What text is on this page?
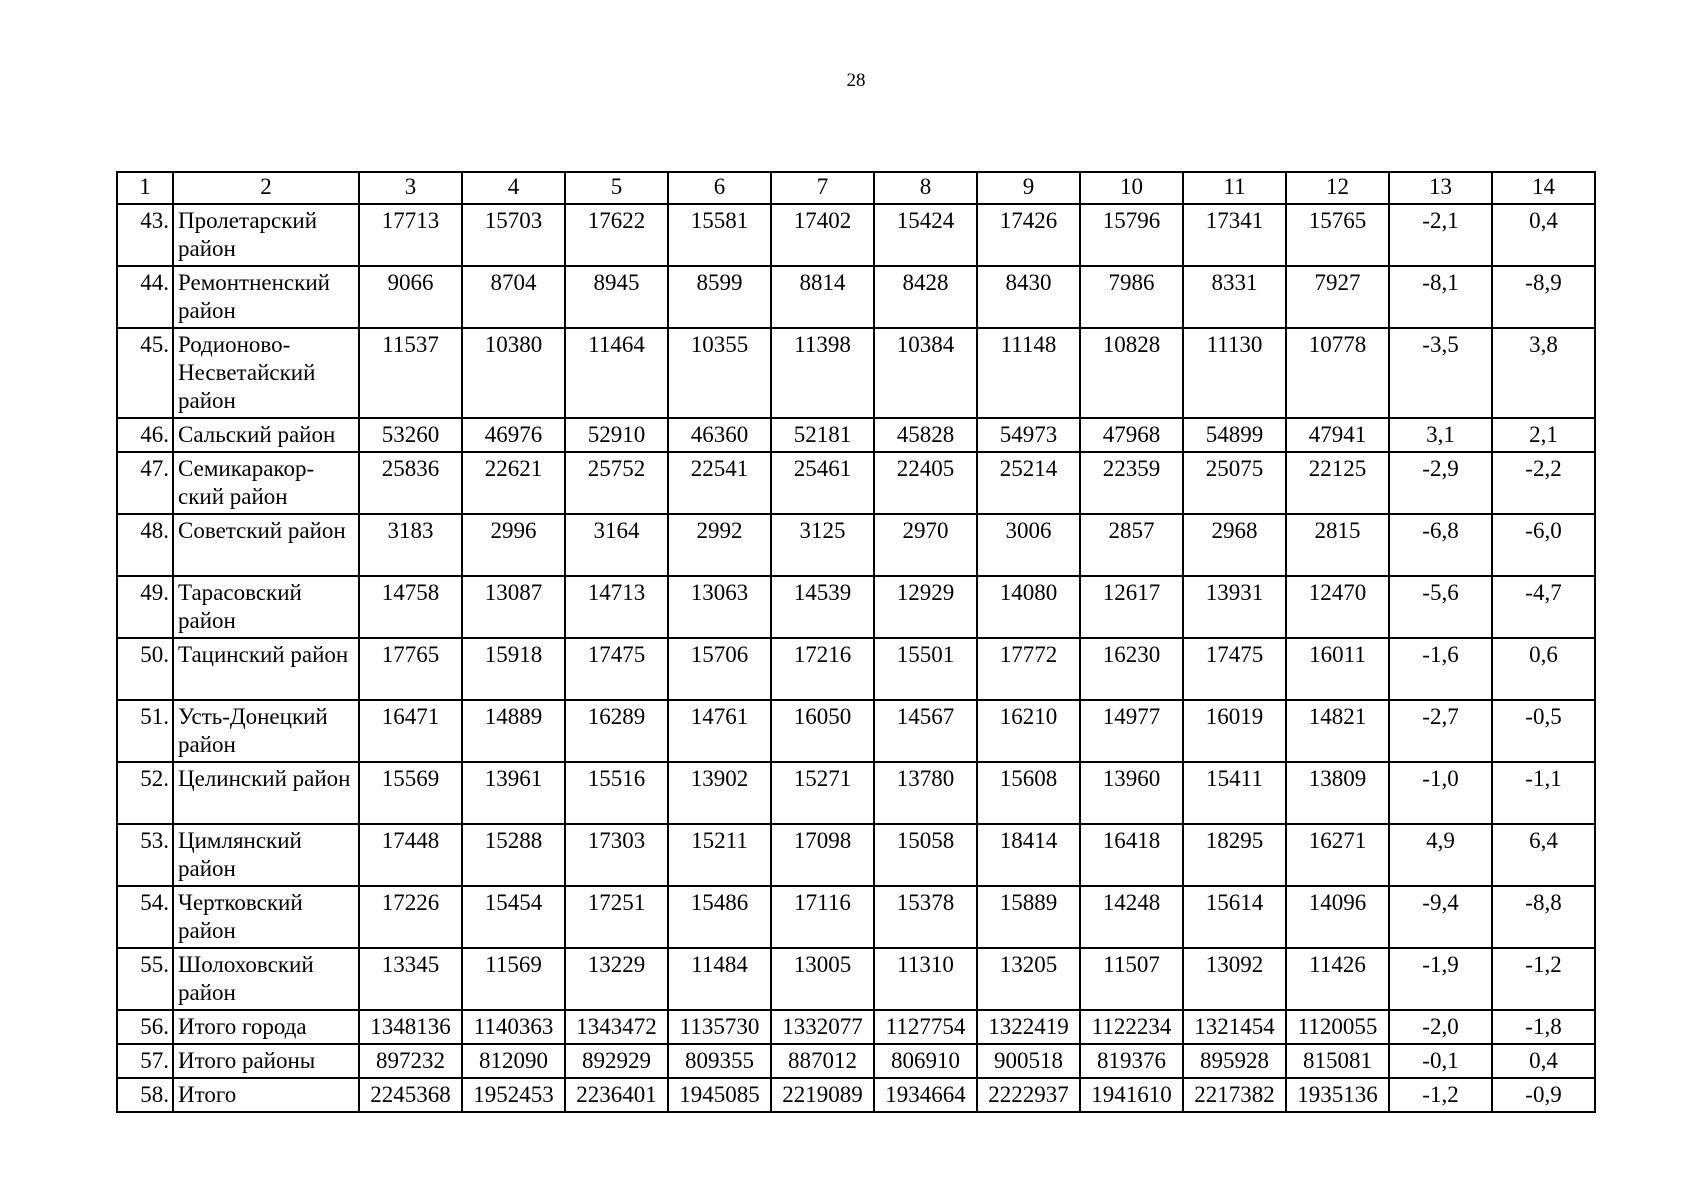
28
1	2	3	4	5	6	7	8	9	10	11	12	13	14
43.	Пролетарский район	17713	15703	17622	15581	17402	15424	17426	15796	17341	15765	-2,1	0,4
44.	Ремонтненский район	9066	8704	8945	8599	8814	8428	8430	7986	8331	7927	-8,1	-8,9
45.	Родионово-Несветайский район	11537	10380	11464	10355	11398	10384	11148	10828	11130	10778	-3,5	3,8
46.	Сальский район	53260	46976	52910	46360	52181	45828	54973	47968	54899	47941	3,1	2,1
47.	Семикаракор-ский район	25836	22621	25752	22541	25461	22405	25214	22359	25075	22125	-2,9	-2,2
48.	Советский район	3183	2996	3164	2992	3125	2970	3006	2857	2968	2815	-6,8	-6,0
49.	Тарасовский район	14758	13087	14713	13063	14539	12929	14080	12617	13931	12470	-5,6	-4,7
50.	Тацинский район	17765	15918	17475	15706	17216	15501	17772	16230	17475	16011	-1,6	0,6
51.	Усть-Донецкий район	16471	14889	16289	14761	16050	14567	16210	14977	16019	14821	-2,7	-0,5
52.	Целинский район	15569	13961	15516	13902	15271	13780	15608	13960	15411	13809	-1,0	-1,1
53.	Цимлянский район	17448	15288	17303	15211	17098	15058	18414	16418	18295	16271	4,9	6,4
54.	Чертковский район	17226	15454	17251	15486	17116	15378	15889	14248	15614	14096	-9,4	-8,8
55.	Шолоховский район	13345	11569	13229	11484	13005	11310	13205	11507	13092	11426	-1,9	-1,2
56.	Итого города	1348136	1140363	1343472	1135730	1332077	1127754	1322419	1122234	1321454	1120055	-2,0	-1,8
57.	Итого районы	897232	812090	892929	809355	887012	806910	900518	819376	895928	815081	-0,1	0,4
58.	Итого	2245368	1952453	2236401	1945085	2219089	1934664	2222937	1941610	2217382	1935136	-1,2	-0,9
